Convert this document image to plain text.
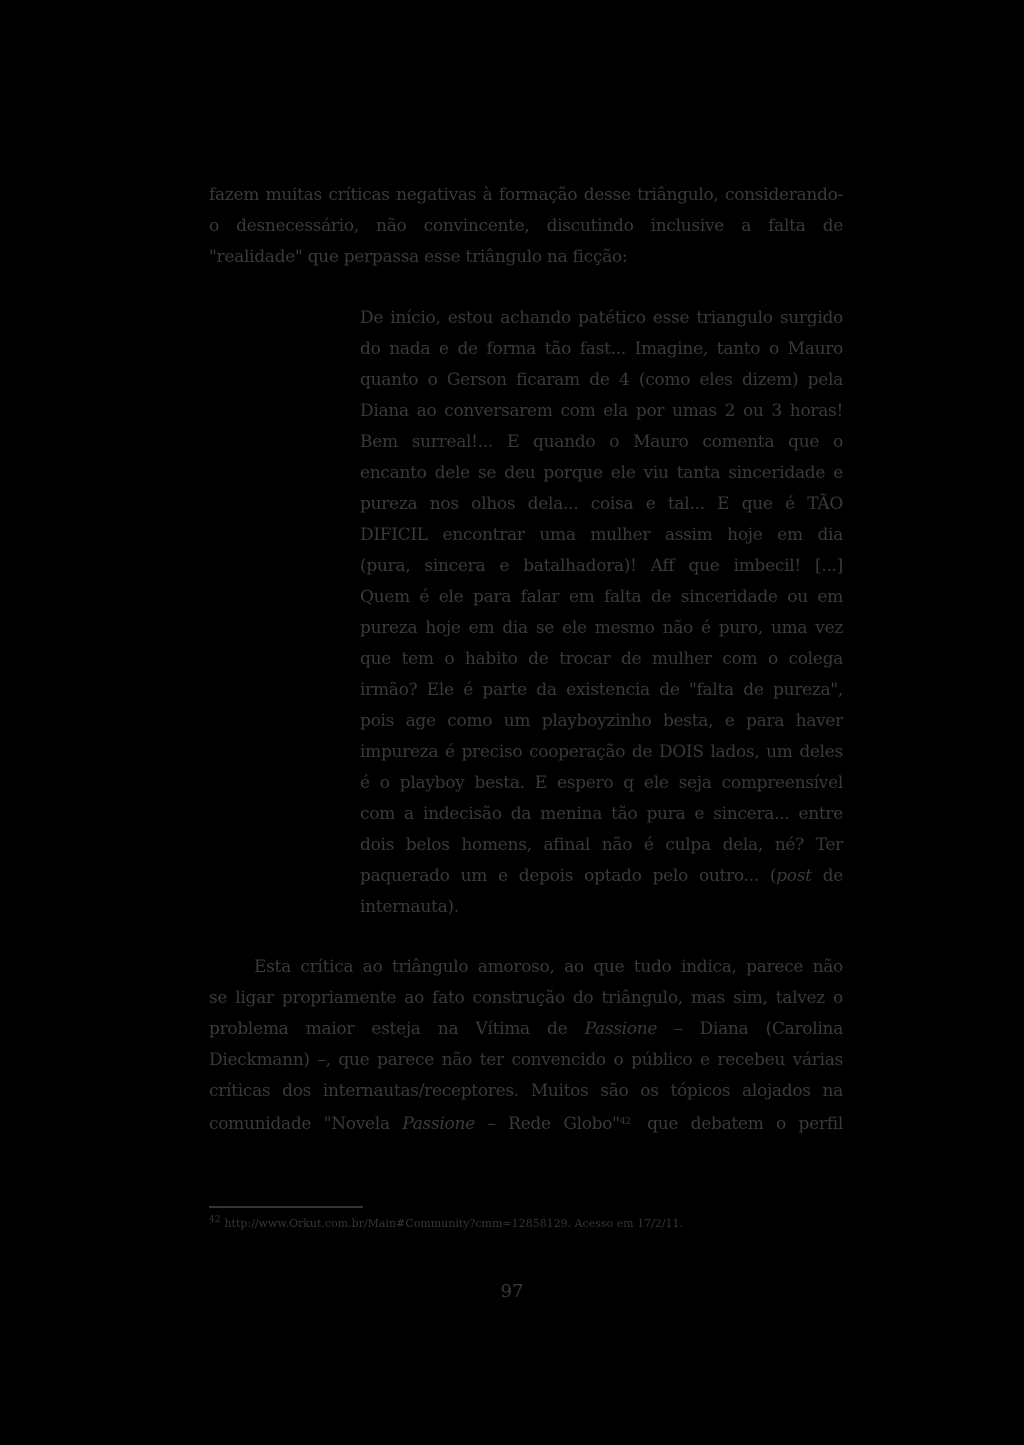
fazem muitas críticas negativas à formação desse triângulo, considerando-
o desnecessário, não convincente, discutindo inclusive a falta de
"realidade" que perpassa esse triângulo na ficção:
De início, estou achando patético esse triangulo surgido
do nada e de forma tão fast... Imagine, tanto o Mauro
quanto o Gerson ficaram de 4 (como eles dizem) pela
Diana ao conversarem com ela por umas 2 ou 3 horas!
Bem surreal!... E quando o Mauro comenta que o
encanto dele se deu porque ele viu tanta sinceridade e
pureza nos olhos dela... coisa e tal... E que é TÃO
DIFICIL encontrar uma mulher assim hoje em dia
(pura, sincera e batalhadora)! Aff que imbecil! [...]
Quem é ele para falar em falta de sinceridade ou em
pureza hoje em dia se ele mesmo não é puro, uma vez
que tem o habito de trocar de mulher com o colega
irmão? Ele é parte da existencia de "falta de pureza",
pois age como um playboyzinho besta, e para haver
impureza é preciso cooperação de DOIS lados, um deles
é o playboy besta. E espero q ele seja compreensível
com a indecisão da menina tão pura e sincera... entre
dois belos homens, afinal não é culpa dela, né? Ter
paquerado um e depois optado pelo outro... (post de
internauta).
Esta crítica ao triângulo amoroso, ao que tudo indica, parece não
se ligar propriamente ao fato construção do triângulo, mas sim, talvez o
problema maior esteja na Vítima de Passione – Diana (Carolina
Dieckmann) –, que parece não ter convencido o público e recebeu várias
críticas dos internautas/receptores. Muitos são os tópicos alojados na
comunidade "Novela Passione – Rede Globo"$^{42}$ que debatem o perfil
$^{42}$ http://www.Orkut.com.br/Main#Community?cmm=12858129. Acesso em 17/2/11.
97
